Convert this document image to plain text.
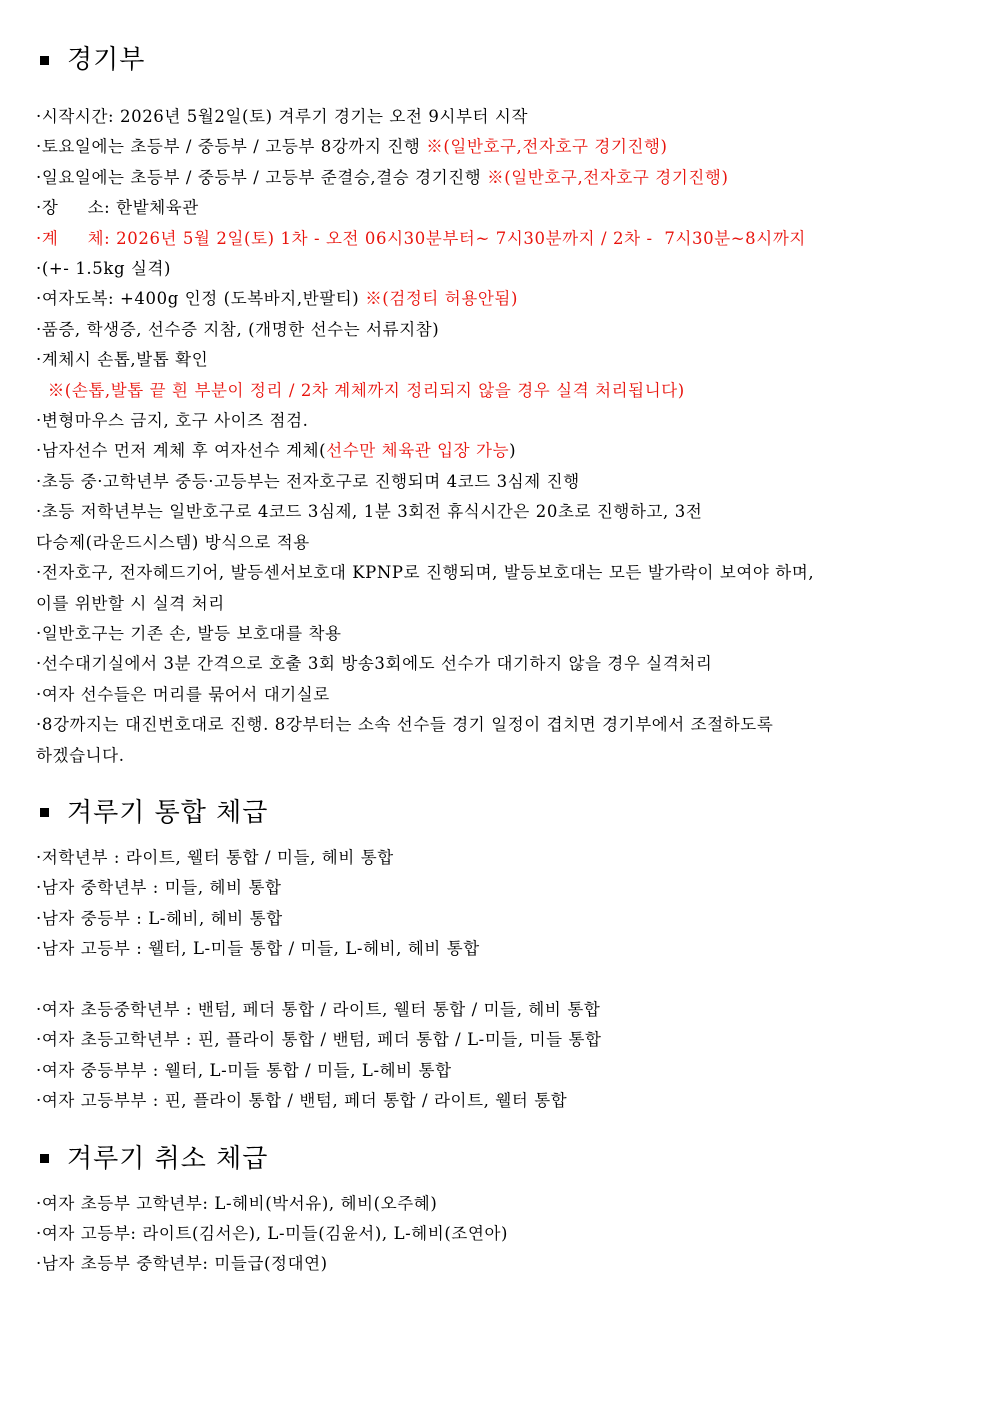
경기부
·시작시간: 2026년 5월2일(토) 겨루기 경기는 오전 9시부터 시작
·토요일에는 초등부 / 중등부 / 고등부 8강까지 진행 ※(일반호구,전자호구 경기진행)
·일요일에는 초등부 / 중등부 / 고등부 준결승,결승 경기진행 ※(일반호구,전자호구 경기진행)
·장     소: 한밭체육관
·계     체: 2026년 5월 2일(토) 1차 - 오전 06시30분부터~ 7시30분까지 / 2차 -  7시30분~8시까지
·(+- 1.5kg 실격)
·여자도복: +400g 인정 (도복바지,반팔티) ※(검정티 허용안됨)
·품증, 학생증, 선수증 지참, (개명한 선수는 서류지참)
·계체시 손톱,발톱 확인
※(손톱,발톱 끝 흰 부분이 정리 / 2차 계체까지 정리되지 않을 경우 실격 처리됩니다)
·변형마우스 금지, 호구 사이즈 점검.
·남자선수 먼저 계체 후 여자선수 계체(선수만 체육관 입장 가능)
·초등 중·고학년부 중등·고등부는 전자호구로 진행되며 4코드 3심제 진행
·초등 저학년부는 일반호구로 4코드 3심제, 1분 3회전 휴식시간은 20초로 진행하고, 3전
다승제(라운드시스템) 방식으로 적용
·전자호구, 전자헤드기어, 발등센서보호대 KPNP로 진행되며, 발등보호대는 모든 발가락이 보여야 하며,
이를 위반할 시 실격 처리
·일반호구는 기존 손, 발등 보호대를 착용
·선수대기실에서 3분 간격으로 호출 3회 방송3회에도 선수가 대기하지 않을 경우 실격처리
·여자 선수들은 머리를 묶어서 대기실로
·8강까지는 대진번호대로 진행. 8강부터는 소속 선수들 경기 일정이 겹치면 경기부에서 조절하도록
하겠습니다.
겨루기 통합 체급
·저학년부 : 라이트, 웰터 통합 / 미들, 헤비 통합
·남자 중학년부 : 미들, 헤비 통합
·남자 중등부 : L-헤비, 헤비 통합
·남자 고등부 : 웰터, L-미들 통합 / 미들, L-헤비, 헤비 통합
·여자 초등중학년부 : 밴텀, 페더 통합 / 라이트, 웰터 통합 / 미들, 헤비 통합
·여자 초등고학년부 : 핀, 플라이 통합 / 밴텀, 페더 통합 / L-미들, 미들 통합
·여자 중등부부 : 웰터, L-미들 통합 / 미들, L-헤비 통합
·여자 고등부부 : 핀, 플라이 통합 / 밴텀, 페더 통합 / 라이트, 웰터 통합
겨루기 취소 체급
·여자 초등부 고학년부: L-헤비(박서유), 헤비(오주혜)
·여자 고등부: 라이트(김서은), L-미들(김윤서), L-헤비(조연아)
·남자 초등부 중학년부: 미들급(정대연)
